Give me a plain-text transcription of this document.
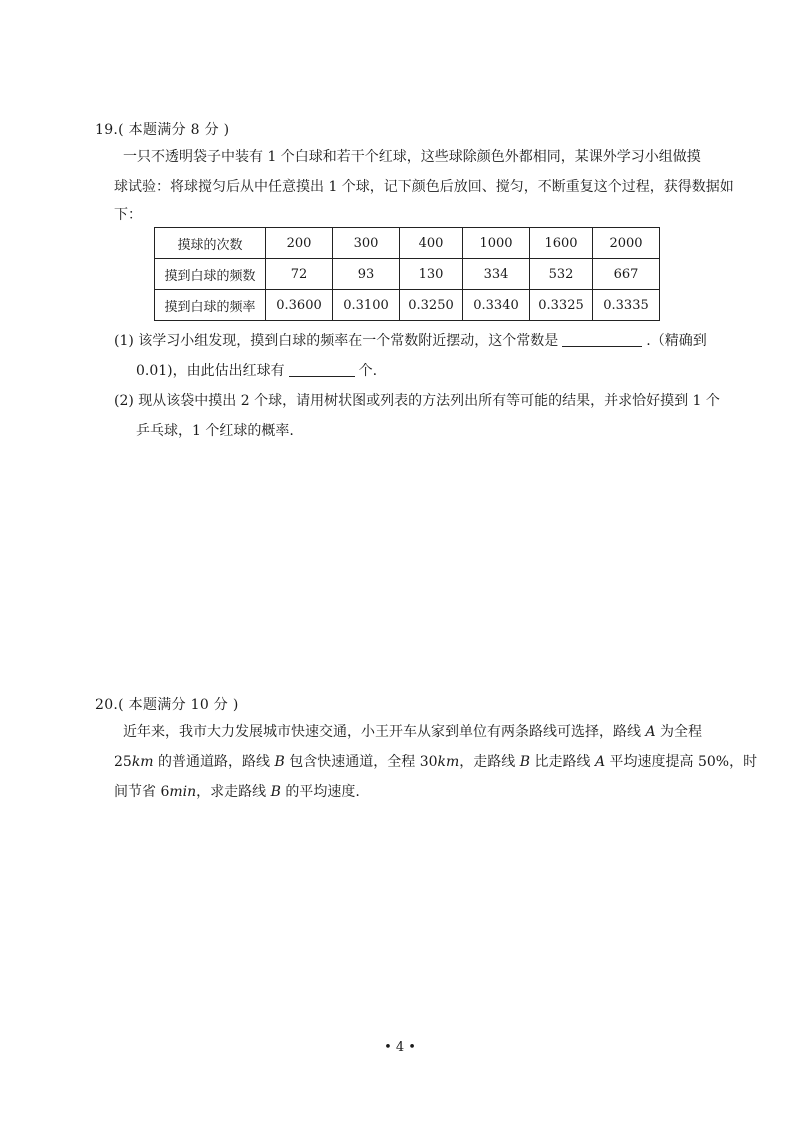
19.( 本题满分 8 分 )
一只不透明袋子中装有 1 个白球和若干个红球，这些球除颜色外都相同，某课外学习小组做摸
球试验：将球搅匀后从中任意摸出 1 个球，记下颜色后放回、搅匀，不断重复这个过程，获得数据如
下：
摸球的次数	200	300	400	1000	1600	2000
摸到白球的频数	72	93	130	334	532	667
摸到白球的频率	0.3600	0.3100	0.3250	0.3340	0.3325	0.3335
(1) 该学习小组发现，摸到白球的频率在一个常数附近摆动，这个常数是	.（精确到
0.01)，由此估出红球有	个.
(2) 现从该袋中摸出 2 个球，请用树状图或列表的方法列出所有等可能的结果，并求恰好摸到 1 个
乒乓球，1 个红球的概率.
20.( 本题满分 10 分 )
近年来，我市大力发展城市快速交通，小王开车从家到单位有两条路线可选择，路线 A 为全程
25km 的普通道路，路线 B 包含快速通道，全程 30km，走路线 B 比走路线 A 平均速度提高 50%，时
间节省 6min，求走路线 B 的平均速度.
• 4 •
